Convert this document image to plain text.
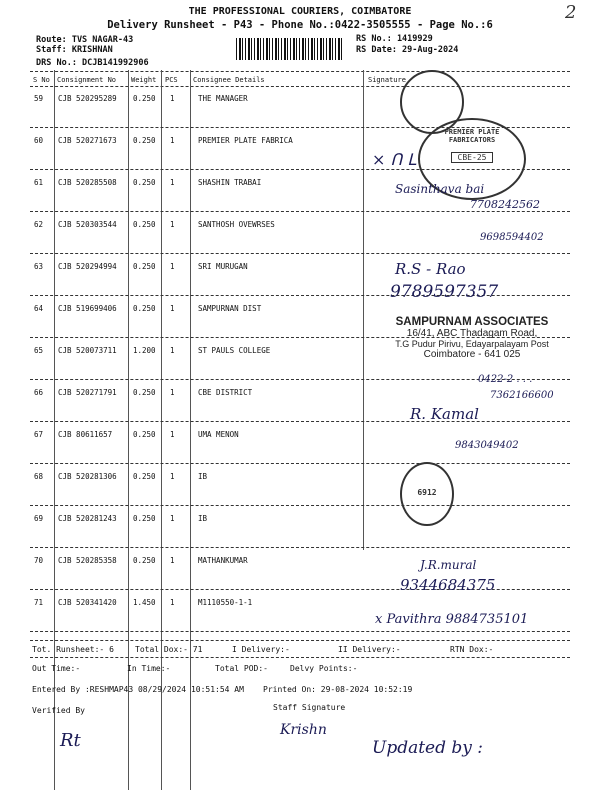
2
THE PROFESSIONAL COURIERS, COIMBATORE
Delivery Runsheet - P43 - Phone No.:0422-3505555 - Page No.:6
Route: TVS NAGAR-43
Staff: KRISHNAN
DRS No.: DCJB141992906
RS No.: 1419929
RS Date: 29-Aug-2024
S No Consignment No Weight PCS Consignee Details	Signature
59 CJB 520295289 0.250 1	THE MANAGER
60 CJB 520271673 0.250 1	PREMIER PLATE FABRICA
61 CJB 520285508 0.250 1	SHASHIN TRABAI
62 CJB 520303544 0.250 1	SANTHOSH OVEWRSES
63 CJB 520294994 0.250 1	SRI MURUGAN
64 CJB 519699406 0.250 1	SAMPURNAN DIST
65 CJB 520073711 1.200 1	ST PAULS COLLEGE
66 CJB 520271791 0.250 1	CBE DISTRICT
67 CJB 80611657	0.250 1	UMA MENON
68 CJB 520281306 0.250 1	IB
69 CJB 520281243 0.250 1	IB
70 CJB 520285358 0.250 1	MATHANKUMAR
71 CJB 520341420 1.450 1	M1110550-1-1
PREMIER PLATE FABRICATORS
CBE-25
SAMPURNAM ASSOCIATES
16/41, ABC Thadagam Road,
T.G Pudur Pirivu, Edayarpalayam Post
Coimbatore - 641 025
6912
× ᑎ ᒪ
Sasinthava bai
7708242562
9698594402
R.S - Rao
9789597357
0422-2 . . .
7362166600
R. Kamal
9843049402
J.R.mural
9344684375
x Pavithra 9884735101
Tot. Runsheet:- 6	Total Dox:- 71	I Delivery:-	II Delivery:-	RTN Dox:-
Out Time:-	In Time:-	Total POD:-	Delvy Points:-
Entered By :RESHMAP43 08/29/2024 10:51:54 AM Printed On: 29-08-2024 10:52:19
Verified By	Staff Signature
Rt	Krishn
Updated by :
